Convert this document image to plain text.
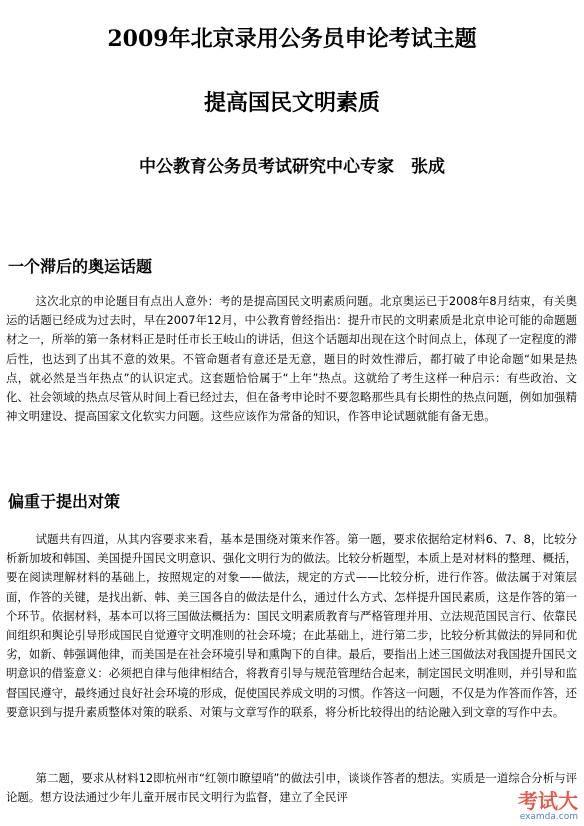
2009年北京录用公务员申论考试主题
提高国民文明素质
中公教育公务员考试研究中心专家　张成
一个滞后的奥运话题
这次北京的申论题目有点出人意外：考的是提高国民文明素质问题。北京奥运已于2008年8月结束，有关奥运的话题已经成为过去时，早在2007年12月，中公教育曾经指出：提升市民的文明素质是北京申论可能的命题题材之一，所举的第一条材料正是时任市长王岐山的讲话，但这个话题却出现在这个时间点上，体现了一定程度的滞后性，也达到了出其不意的效果。不管命题者有意还是无意，题目的时效性滞后，都打破了申论命题“如果是热点，就必然是当年热点”的认识定式。这套题恰恰属于“上年”热点。这就给了考生这样一种启示：有些政治、文化、社会领域的热点尽管从时间上看已经过去，但在备考申论时不要忽略那些具有长期性的热点问题，例如加强精神文明建设、提高国家文化软实力问题。这些应该作为常备的知识，作答申论试题就能有备无患。
偏重于提出对策
试题共有四道，从其内容要求来看，基本是围绕对策来作答。第一题，要求依据给定材料6、7、8，比较分析新加坡和韩国、美国提升国民文明意识、强化文明行为的做法。比较分析题型，本质上是对材料的整理、概括，要在阅读理解材料的基础上，按照规定的对象——做法，规定的方式——比较分析，进行作答。做法属于对策层面，作答的关键，是找出新、韩、美三国各自的做法是什么，通过什么方式、怎样提升国民素质，这是作答的第一个环节。依据材料，基本可以将三国做法概括为：国民文明素质教育与严格管理并用、立法规范国民言行、依靠民间组织和舆论引导形成国民自觉遵守文明准则的社会环境；在此基础上，进行第二步，比较分析其做法的异同和优劣，如新、韩强调他律，而美国是在社会环境引导和熏陶下的自律。最后，要指出上述三国做法对我国提升国民文明意识的借鉴意义：必须把自律与他律相结合，将教育引导与规范管理结合起来，制定国民文明准则，并引导和监督国民遵守，最终通过良好社会环境的形成，促使国民养成文明的习惯。作答这一问题，不仅是为作答而作答，还要意识到与提升素质整体对策的联系、对策与文章写作的联系，将分析比较得出的结论融入到文章的写作中去。
第二题，要求从材料12即杭州市“红领巾瞭望哨”的做法引申，谈谈作答者的想法。实质是一道综合分析与评论题。想方设法通过少年儿童开展市民文明行为监督，建立了全民评	考试大
examda.com
